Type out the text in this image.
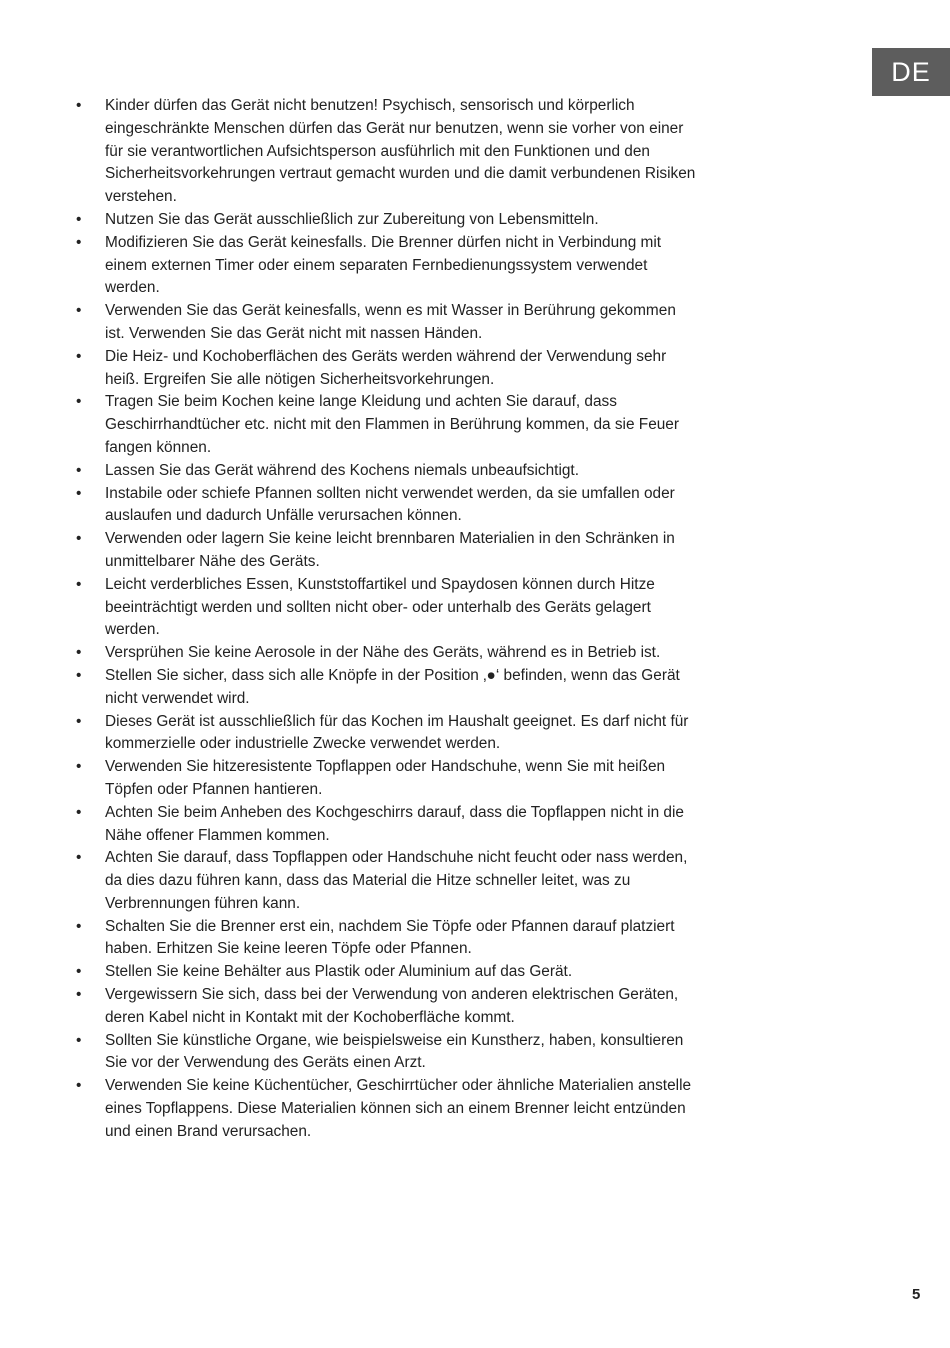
DE
•	Kinder dürfen das Gerät nicht benutzen! Psychisch, sensorisch und körperlich eingeschränkte Menschen dürfen das Gerät nur benutzen, wenn sie vorher von einer für sie verantwortlichen Aufsichtsperson ausführlich mit den Funktionen und den Sicherheitsvorkehrungen vertraut gemacht wurden und die damit verbundenen Risiken verstehen.
•	Nutzen Sie das Gerät ausschließlich zur Zubereitung von Lebensmitteln.
•	Modifizieren Sie das Gerät keinesfalls. Die Brenner dürfen nicht in Verbindung mit einem externen Timer oder einem separaten Fernbedienungssystem verwendet werden.
•	Verwenden Sie das Gerät keinesfalls, wenn es mit Wasser in Berührung gekommen ist. Verwenden Sie das Gerät nicht mit nassen Händen.
•	Die Heiz- und Kochoberflächen des Geräts werden während der Verwendung sehr heiß. Ergreifen Sie alle nötigen Sicherheitsvorkehrungen.
•	Tragen Sie beim Kochen keine lange Kleidung und achten Sie darauf, dass Geschirrhandtücher etc. nicht mit den Flammen in Berührung kommen, da sie Feuer fangen können.
•	Lassen Sie das Gerät während des Kochens niemals unbeaufsichtigt.
•	Instabile oder schiefe Pfannen sollten nicht verwendet werden, da sie umfallen oder auslaufen und dadurch Unfälle verursachen können.
•	Verwenden oder lagern Sie keine leicht brennbaren Materialien in den Schränken in unmittelbarer Nähe des Geräts.
•	Leicht verderbliches Essen, Kunststoffartikel und Spaydosen können durch Hitze beeinträchtigt werden und sollten nicht ober- oder unterhalb des Geräts gelagert werden.
•	Versprühen Sie keine Aerosole in der Nähe des Geräts, während es in Betrieb ist.
•	Stellen Sie sicher, dass sich alle Knöpfe in der Position ‚●‘ befinden, wenn das Gerät nicht verwendet wird.
•	Dieses Gerät ist ausschließlich für das Kochen im Haushalt geeignet. Es darf nicht für kommerzielle oder industrielle Zwecke verwendet werden.
•	Verwenden Sie hitzeresistente Topflappen oder Handschuhe, wenn Sie mit heißen Töpfen oder Pfannen hantieren.
•	Achten Sie beim Anheben des Kochgeschirrs darauf, dass die Topflappen nicht in die Nähe offener Flammen kommen.
•	Achten Sie darauf, dass Topflappen oder Handschuhe nicht feucht oder nass werden, da dies dazu führen kann, dass das Material die Hitze schneller leitet, was zu Verbrennungen führen kann.
•	Schalten Sie die Brenner erst ein, nachdem Sie Töpfe oder Pfannen darauf platziert haben. Erhitzen Sie keine leeren Töpfe oder Pfannen.
•	Stellen Sie keine Behälter aus Plastik oder Aluminium auf das Gerät.
•	Vergewissern Sie sich, dass bei der Verwendung von anderen elektrischen Geräten, deren Kabel nicht in Kontakt mit der Kochoberfläche kommt.
•	Sollten Sie künstliche Organe, wie beispielsweise ein Kunstherz, haben, konsultieren Sie vor der Verwendung des Geräts einen Arzt.
•	Verwenden Sie keine Küchentücher, Geschirrtücher oder ähnliche Materialien anstelle eines Topflappens. Diese Materialien können sich an einem Brenner leicht entzünden und einen Brand verursachen.
5
